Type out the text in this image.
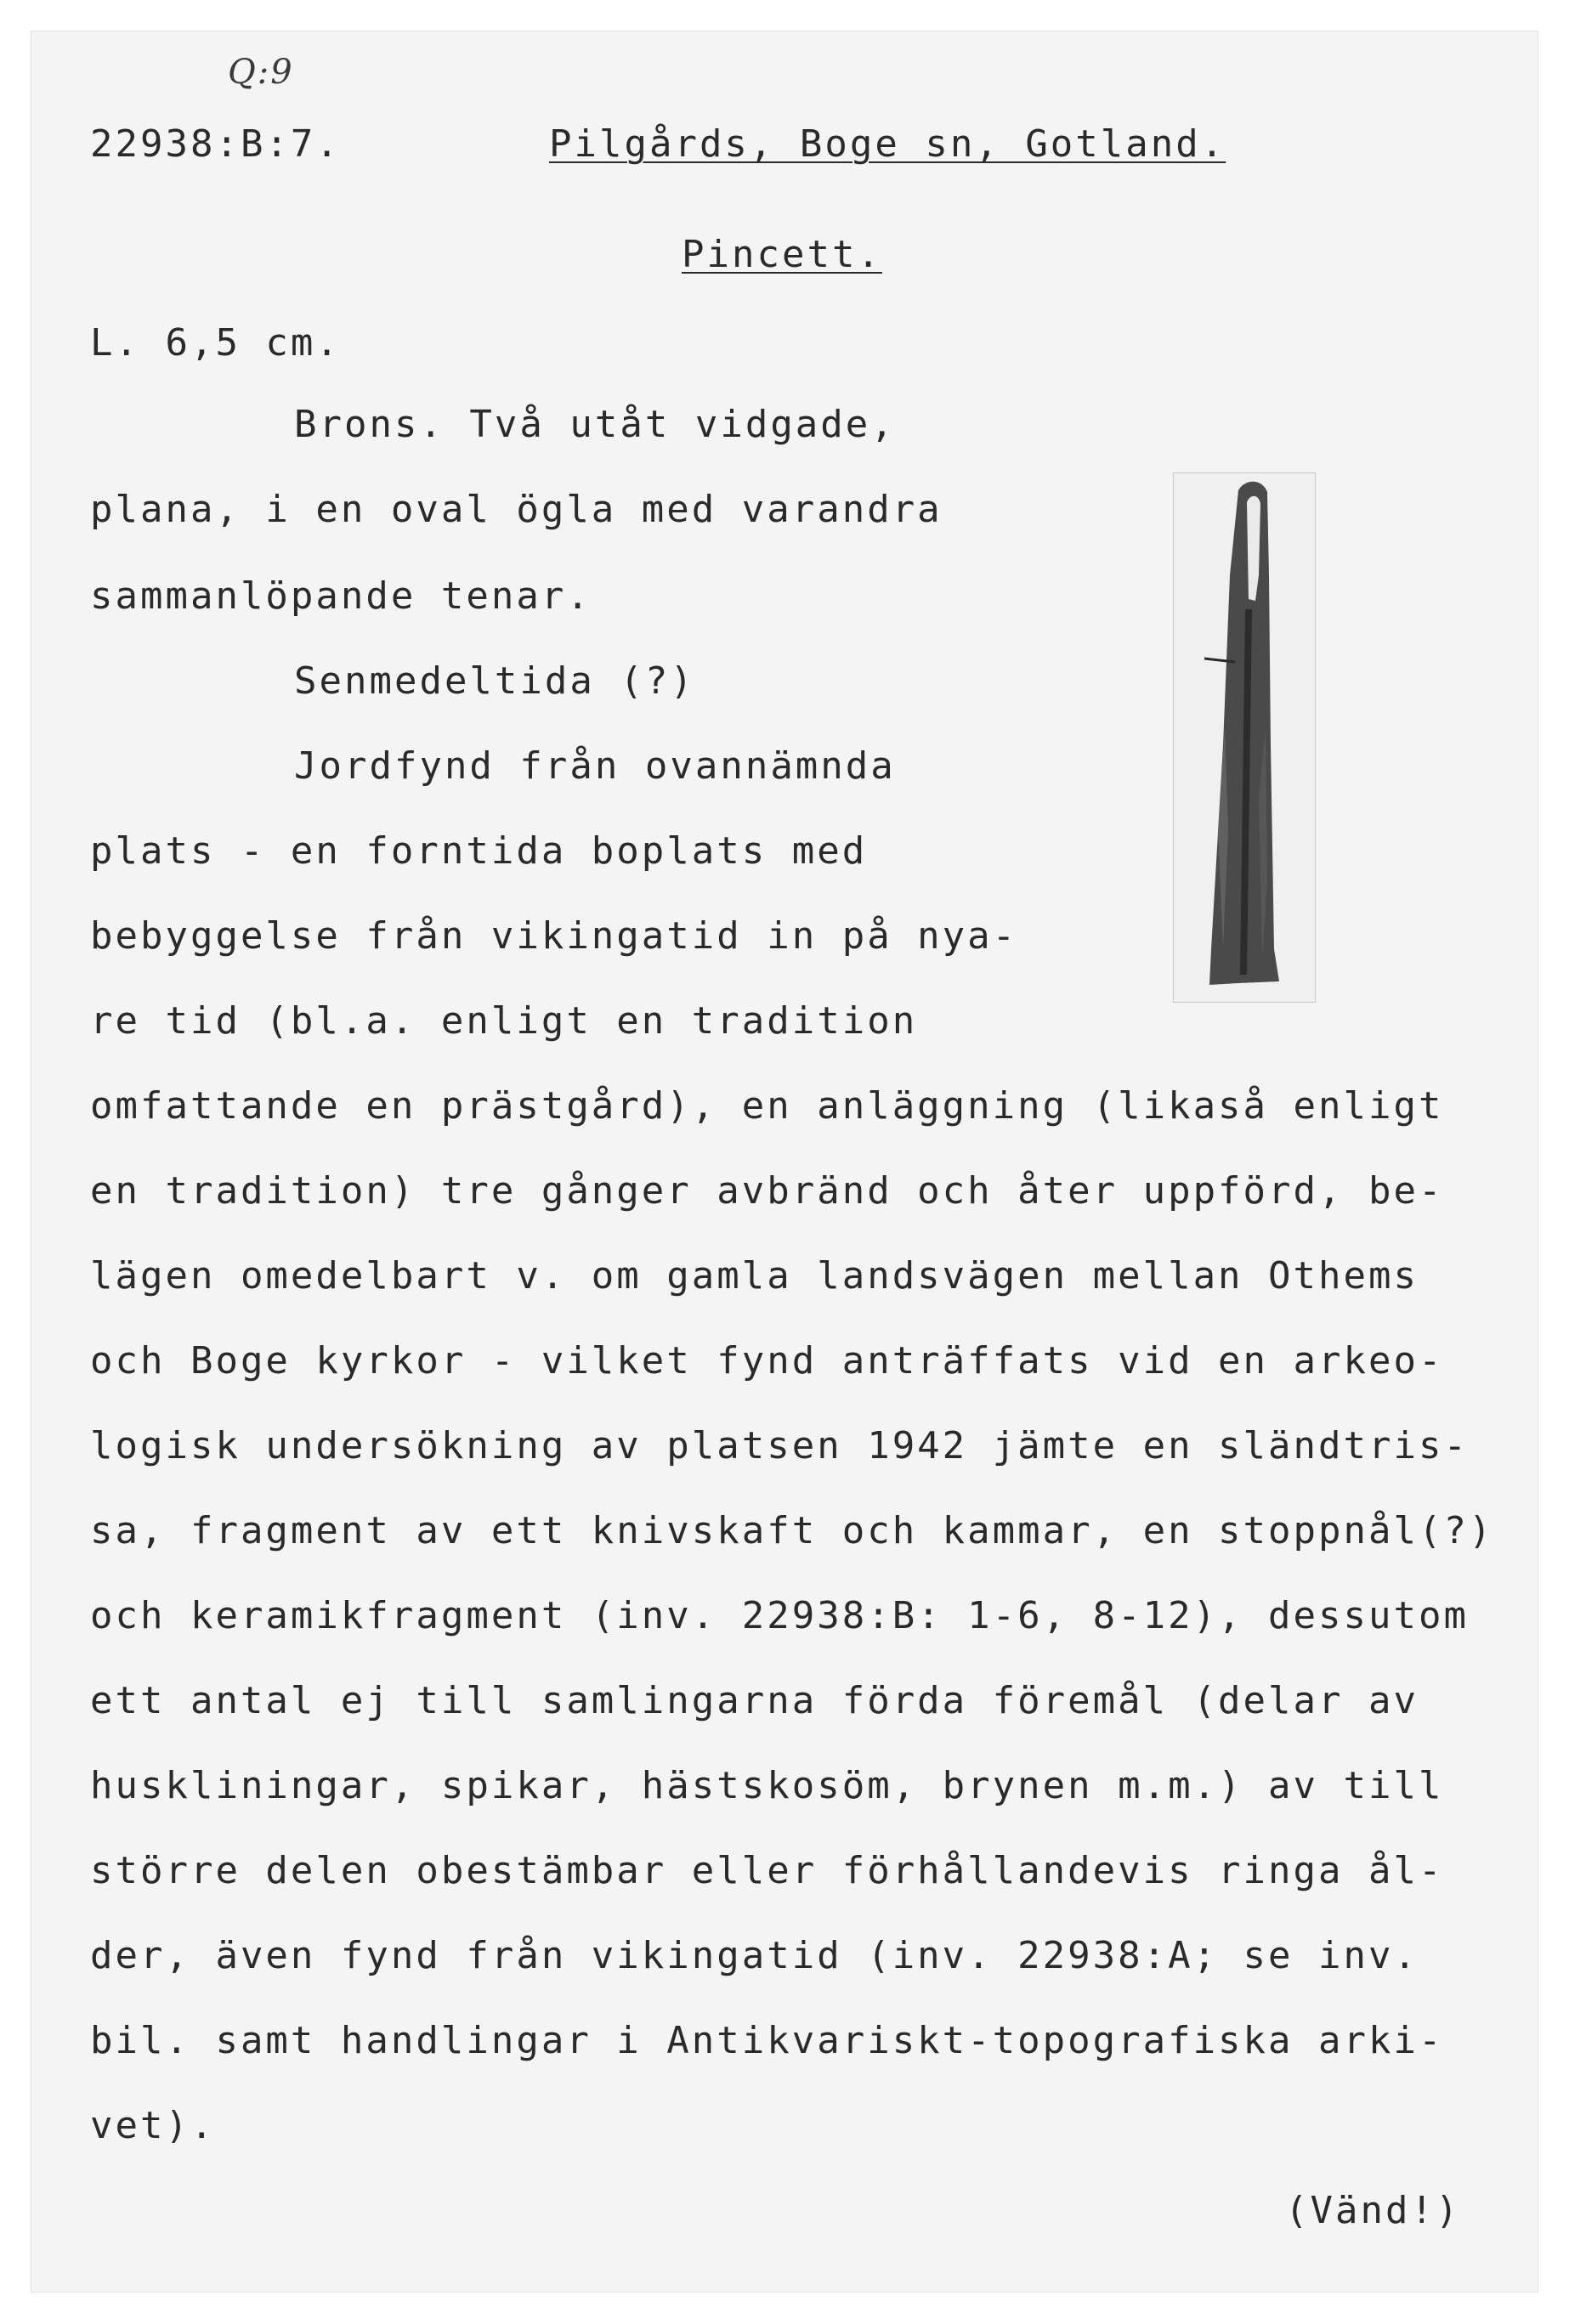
Q:9
22938:B:7.	Pilgårds, Boge sn, Gotland.
Pincett.
L. 6,5 cm.
Brons. Två utåt vidgade,
plana, i en oval ögla med varandra
sammanlöpande tenar.
Senmedeltida (?)
Jordfynd från ovannämnda
plats - en forntida boplats med
bebyggelse från vikingatid in på nya-
re tid (bl.a. enligt en tradition
omfattande en prästgård), en anläggning (likaså enligt
en tradition) tre gånger avbränd och åter uppförd, be-
lägen omedelbart v. om gamla landsvägen mellan Othems
och Boge kyrkor - vilket fynd anträffats vid en arkeo-
logisk undersökning av platsen 1942 jämte en sländtris-
sa, fragment av ett knivskaft och kammar, en stoppnål(?)
och keramikfragment (inv. 22938:B: 1-6, 8-12), dessutom
ett antal ej till samlingarna förda föremål (delar av
huskliningar, spikar, hästskosöm, brynen m.m.) av till
större delen obestämbar eller förhållandevis ringa ål-
der, även fynd från vikingatid (inv. 22938:A; se inv.
bil. samt handlingar i Antikvariskt-topografiska arki-
vet).
(Vänd!)
